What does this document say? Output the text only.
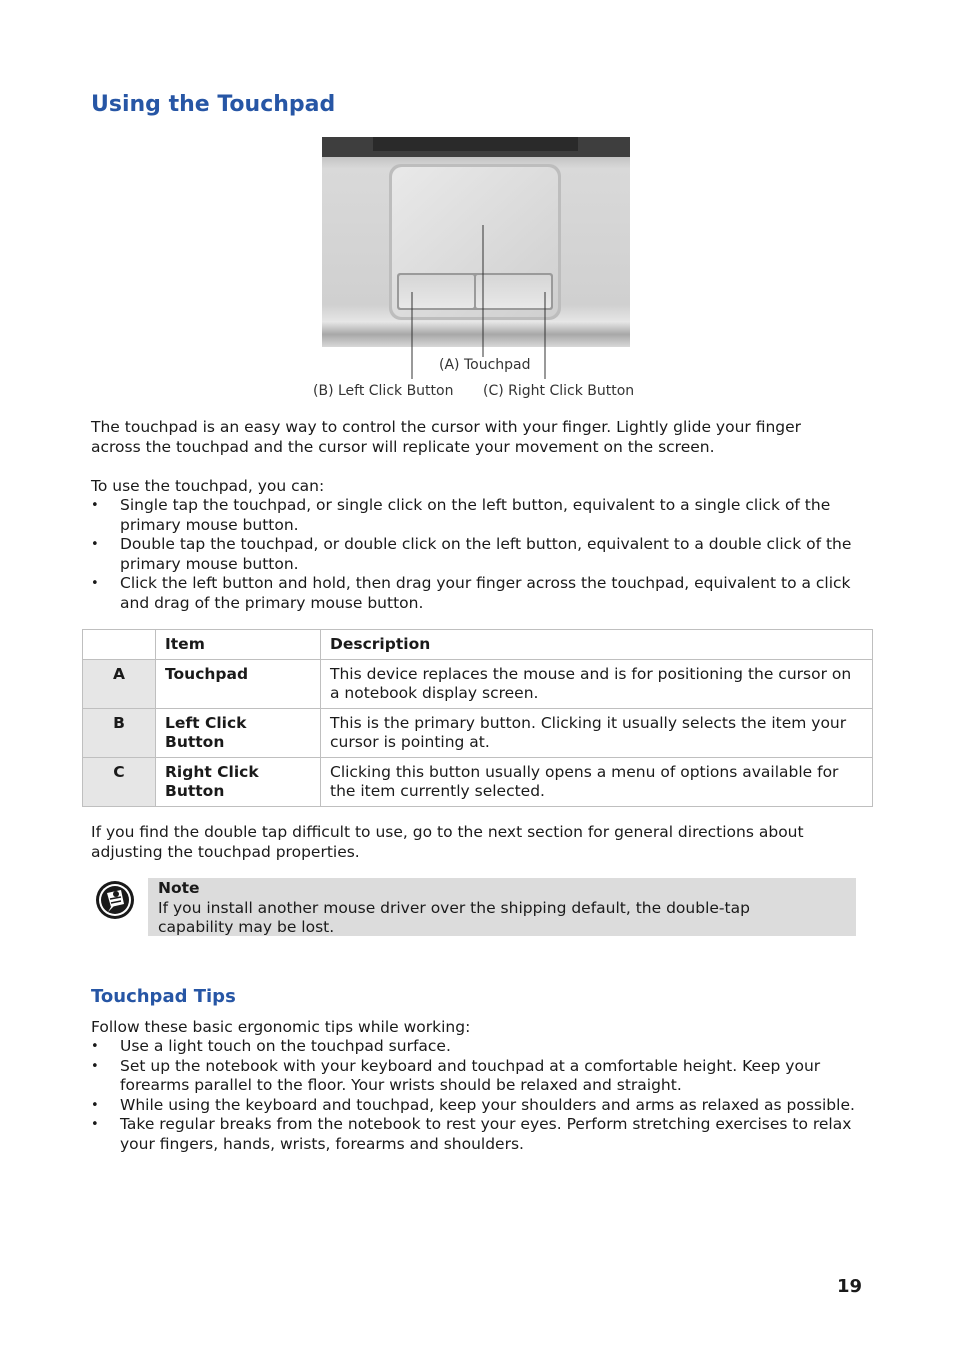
Using the Touchpad
(A) Touchpad
(B) Left Click Button (C) Right Click Button

The touchpad is an easy way to control the cursor with your finger. Lightly glide your finger across the touchpad and the cursor will replicate your movement on the screen.

To use the touchpad, you can:

• Single tap the touchpad, or single click on the left button, equivalent to a single click of the primary mouse button.
• Double tap the touchpad, or double click on the left button, equivalent to a double click of the primary mouse button.
• Click the left button and hold, then drag your finger across the touchpad, equivalent to a click and drag of the primary mouse button.
	Item	Description
A	Touchpad	This device replaces the mouse and is for positioning the cursor on a notebook display screen.
B	Left Click Button	This is the primary button. Clicking it usually selects the item your cursor is pointing at.
C	Right Click Button	Clicking this button usually opens a menu of options available for the item currently selected.

If you find the double tap difficult to use, go to the next section for general directions about adjusting the touchpad properties.

Note
If you install another mouse driver over the shipping default, the double-tap capability may be lost.
Touchpad Tips

Follow these basic ergonomic tips while working:

• Use a light touch on the touchpad surface.
• Set up the notebook with your keyboard and touchpad at a comfortable height. Keep your forearms parallel to the floor. Your wrists should be relaxed and straight.
• While using the keyboard and touchpad, keep your shoulders and arms as relaxed as possible.
• Take regular breaks from the notebook to rest your eyes. Perform stretching exercises to relax your fingers, hands, wrists, forearms and shoulders.
19
